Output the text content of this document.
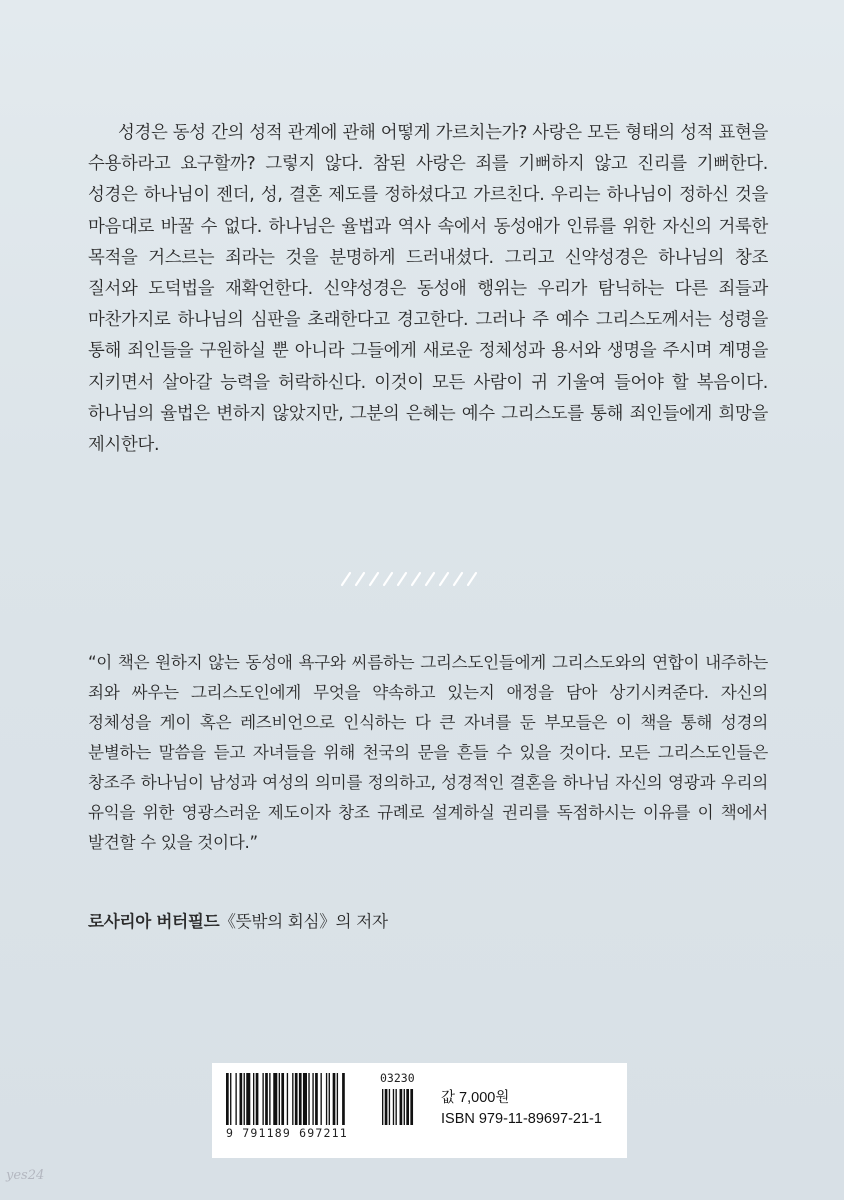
성경은 동성 간의 성적 관계에 관해 어떻게 가르치는가? 사랑은 모든 형태의 성적 표현을 수용하라고 요구할까? 그렇지 않다. 참된 사랑은 죄를 기뻐하지 않고 진리를 기뻐한다. 성경은 하나님이 젠더, 성, 결혼 제도를 정하셨다고 가르친다. 우리는 하나님이 정하신 것을 마음대로 바꿀 수 없다. 하나님은 율법과 역사 속에서 동성애가 인류를 위한 자신의 거룩한 목적을 거스르는 죄라는 것을 분명하게 드러내셨다. 그리고 신약성경은 하나님의 창조 질서와 도덕법을 재확언한다. 신약성경은 동성애 행위는 우리가 탐닉하는 다른 죄들과 마찬가지로 하나님의 심판을 초래한다고 경고한다. 그러나 주 예수 그리스도께서는 성령을 통해 죄인들을 구원하실 뿐 아니라 그들에게 새로운 정체성과 용서와 생명을 주시며 계명을 지키면서 살아갈 능력을 허락하신다. 이것이 모든 사람이 귀 기울여 들어야 할 복음이다. 하나님의 율법은 변하지 않았지만, 그분의 은혜는 예수 그리스도를 통해 죄인들에게 희망을 제시한다.

“이 책은 원하지 않는 동성애 욕구와 씨름하는 그리스도인들에게 그리스도와의 연합이 내주하는 죄와 싸우는 그리스도인에게 무엇을 약속하고 있는지 애정을 담아 상기시켜준다. 자신의 정체성을 게이 혹은 레즈비언으로 인식하는 다 큰 자녀를 둔 부모들은 이 책을 통해 성경의 분별하는 말씀을 듣고 자녀들을 위해 천국의 문을 흔들 수 있을 것이다. 모든 그리스도인들은 창조주 하나님이 남성과 여성의 의미를 정의하고, 성경적인 결혼을 하나님 자신의 영광과 우리의 유익을 위한 영광스러운 제도이자 창조 규례로 설계하실 권리를 독점하시는 이유를 이 책에서 발견할 수 있을 것이다.”

로사리아 버터필드《뜻밖의 회심》의 저자

03230
9 791189 697211
값 7,000원
ISBN 979-11-89697-21-1
yes24
